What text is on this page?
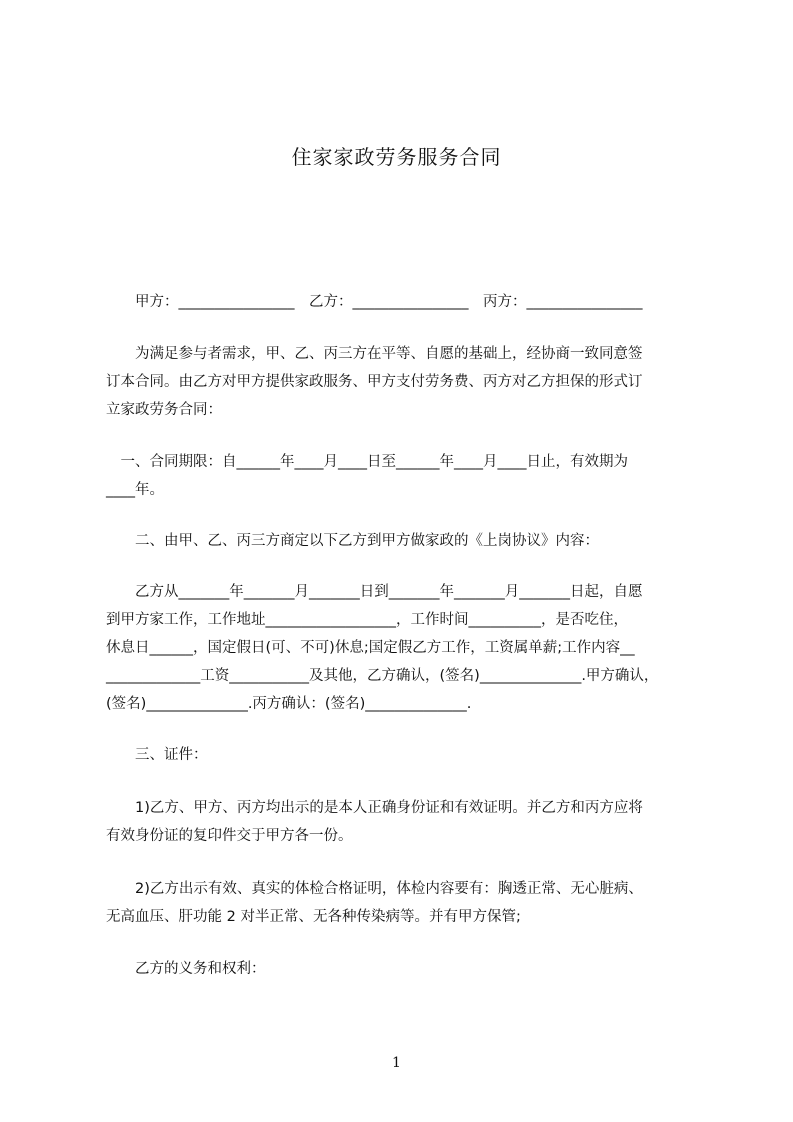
住家家政劳务服务合同
　　甲方：________________　乙方：________________　丙方：________________
　　为满足参与者需求，甲、乙、丙三方在平等、自愿的基础上，经协商一致同意签
订本合同。由乙方对甲方提供家政服务、甲方支付劳务费、丙方对乙方担保的形式订
立家政劳务合同：
　一、合同期限：自______年____月____日至______年____月____日止，有效期为
____年。
　　二、由甲、乙、丙三方商定以下乙方到甲方做家政的《上岗协议》内容：
　　乙方从_______年_______月_______日到_______年_______月_______日起，自愿
到甲方家工作，工作地址__________________，工作时间__________，是否吃住，
休息日______，国定假日(可、不可)休息;国定假乙方工作，工资属单薪;工作内容__
_____________工资___________及其他，乙方确认，(签名)______________.甲方确认，
(签名)______________.丙方确认：(签名)______________.
　　三、证件：
　　1)乙方、甲方、丙方均出示的是本人正确身份证和有效证明。并乙方和丙方应将
有效身份证的复印件交于甲方各一份。
　　2)乙方出示有效、真实的体检合格证明，体检内容要有：胸透正常、无心脏病、
无高血压、肝功能 2 对半正常、无各种传染病等。并有甲方保管;
　　乙方的义务和权利：
1
